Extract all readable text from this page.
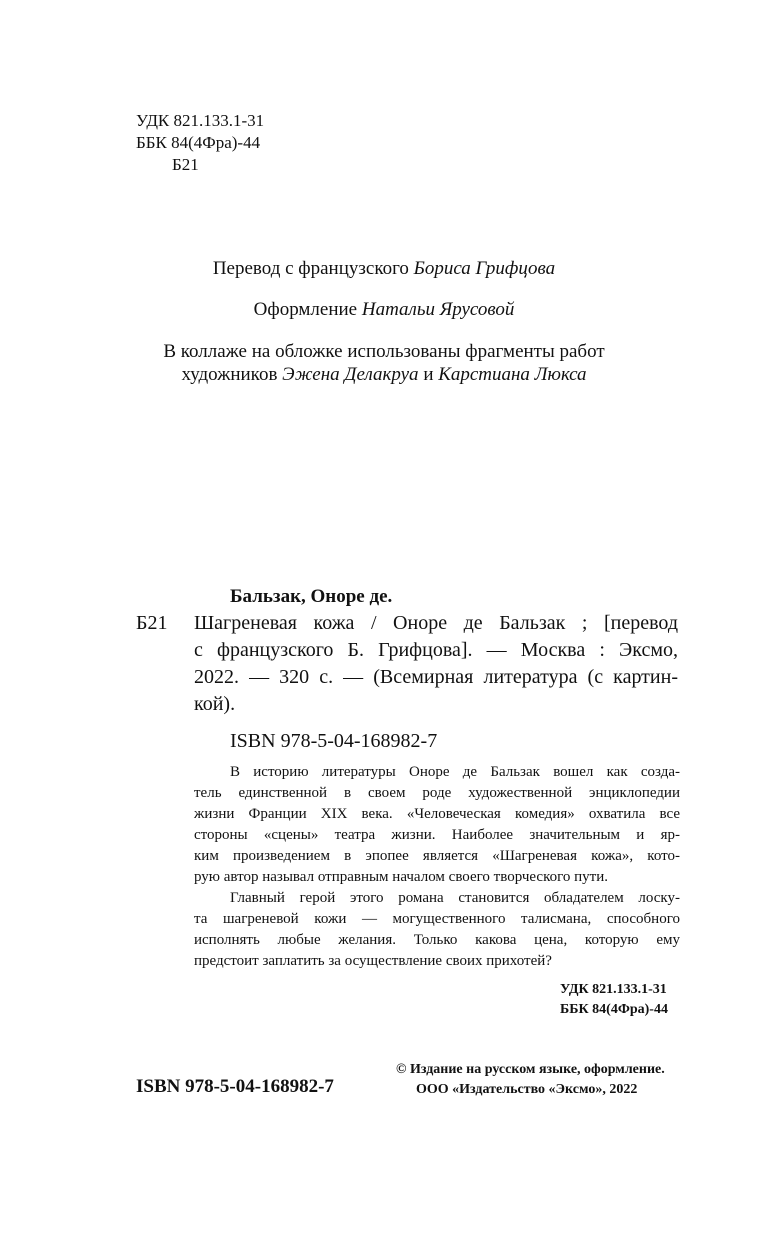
УДК 821.133.1-31
ББК 84(4Фра)-44
Б21
Перевод с французского Бориса Грифцова
Оформление Натальи Ярусовой
В коллаже на обложке использованы фрагменты работ
художников Эжена Делакруа и Карстиана Люкса
Бальзак, Оноре де.
Б21 Шагреневая кожа / Оноре де Бальзак ; [перевод
с французского Б. Грифцова]. — Москва : Эксмо,
2022. — 320 с. — (Всемирная литература (с картин-
кой).
ISBN 978-5-04-168982-7

В историю литературы Оноре де Бальзак вошел как созда-
тель единственной в своем роде художественной энциклопедии
жизни Франции XIX века. «Человеческая комедия» охватила все
стороны «сцены» театра жизни. Наиболее значительным и яр-
ким произведением в эпопее является «Шагреневая кожа», кото-
рую автор называл отправным началом своего творческого пути.

Главный герой этого романа становится обладателем лоску-
та шагреневой кожи — могущественного талисмана, способного
исполнять любые желания. Только какова цена, которую ему
предстоит заплатить за осуществление своих прихотей?

УДК 821.133.1-31
ББК 84(4Фра)-44
ISBN 978-5-04-168982-7
© Издание на русском языке, оформление.
ООО «Издательство «Эксмо», 2022
